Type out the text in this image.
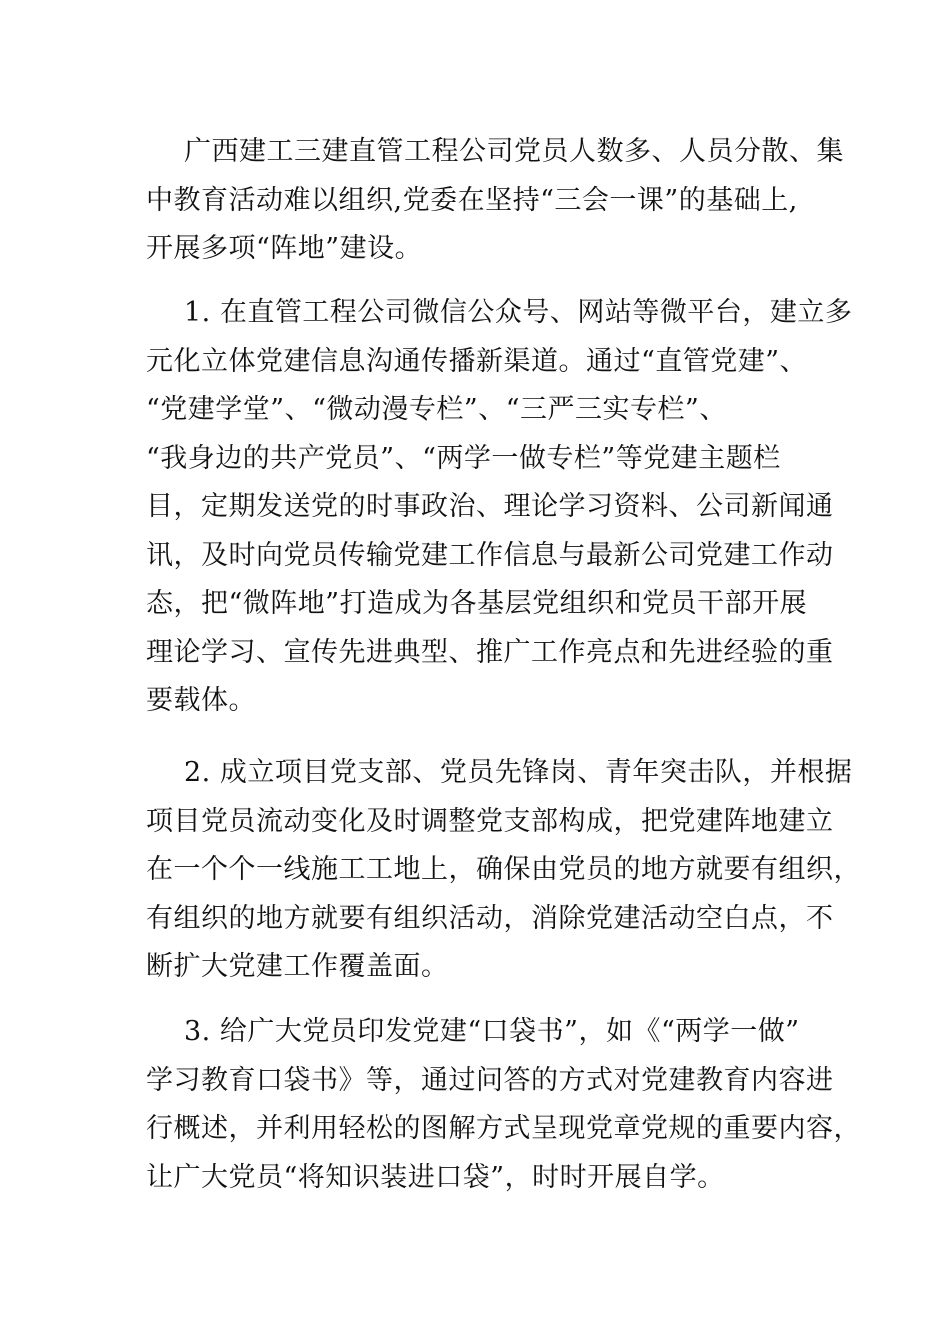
广西建工三建直管工程公司党员人数多、人员分散、集
中教育活动难以组织,党委在坚持“三会一课”的基础上,
开展多项“阵地”建设。
1. 在直管工程公司微信公众号、网站等微平台，建立多
元化立体党建信息沟通传播新渠道。通过“直管党建”、
“党建学堂”、“微动漫专栏”、“三严三实专栏”、
“我身边的共产党员”、“两学一做专栏”等党建主题栏
目，定期发送党的时事政治、理论学习资料、公司新闻通
讯，及时向党员传输党建工作信息与最新公司党建工作动
态，把“微阵地”打造成为各基层党组织和党员干部开展
理论学习、宣传先进典型、推广工作亮点和先进经验的重
要载体。
2. 成立项目党支部、党员先锋岗、青年突击队，并根据
项目党员流动变化及时调整党支部构成，把党建阵地建立
在一个个一线施工工地上，确保由党员的地方就要有组织，
有组织的地方就要有组织活动，消除党建活动空白点，不
断扩大党建工作覆盖面。
3. 给广大党员印发党建“口袋书”，如《“两学一做”
学习教育口袋书》等，通过问答的方式对党建教育内容进
行概述，并利用轻松的图解方式呈现党章党规的重要内容，
让广大党员“将知识装进口袋”，时时开展自学。
